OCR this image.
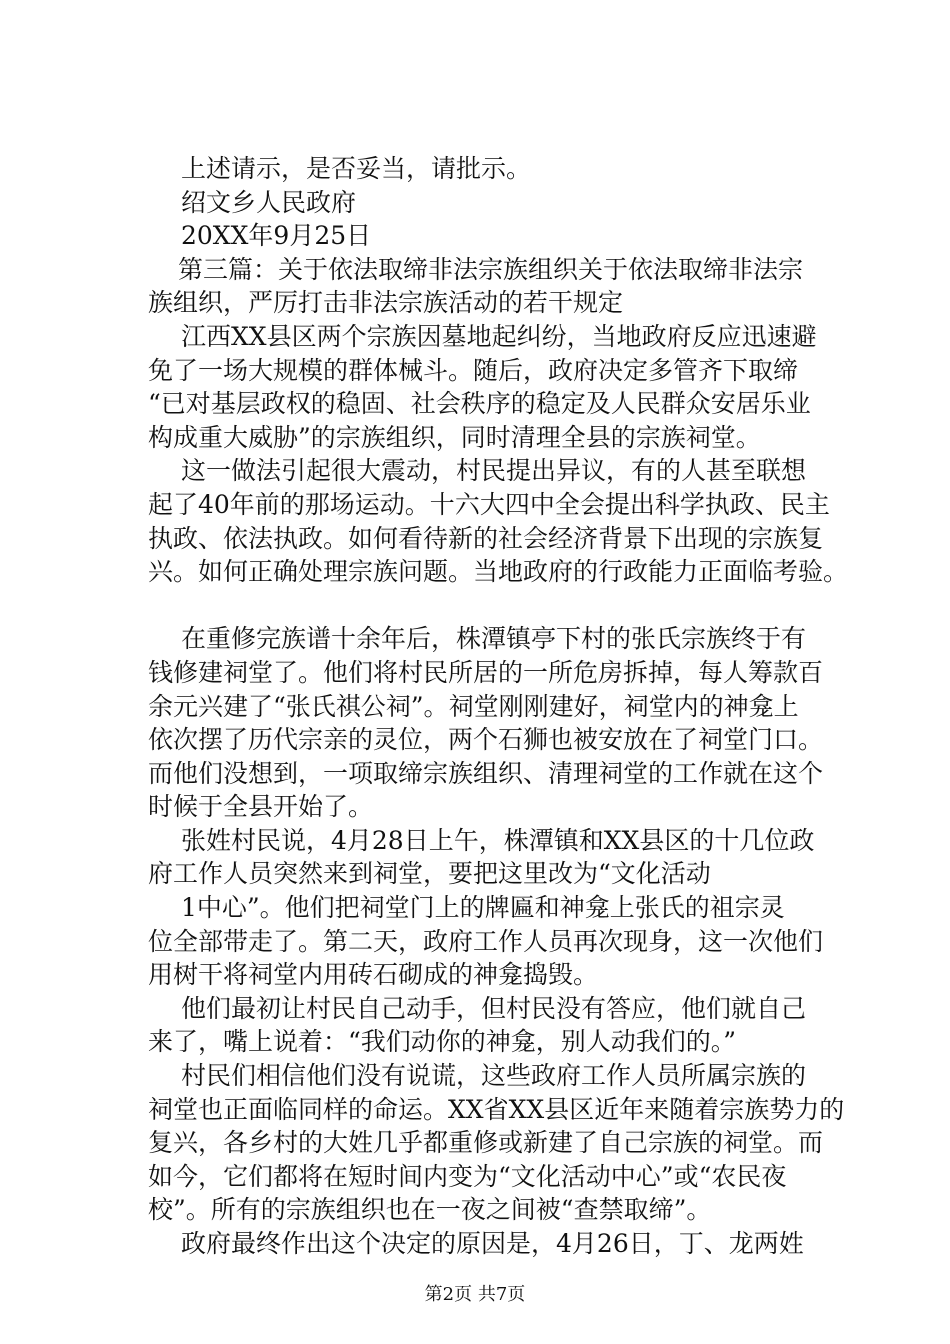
上述请示，是否妥当，请批示。
绍文乡人民政府
20XX年9月25日
第三篇：关于依法取缔非法宗族组织关于依法取缔非法宗
族组织，严厉打击非法宗族活动的若干规定
江西XX县区两个宗族因墓地起纠纷，当地政府反应迅速避
免了一场大规模的群体械斗。随后，政府决定多管齐下取缔
“已对基层政权的稳固、社会秩序的稳定及人民群众安居乐业
构成重大威胁”的宗族组织，同时清理全县的宗族祠堂。
这一做法引起很大震动，村民提出异议，有的人甚至联想
起了40年前的那场运动。十六大四中全会提出科学执政、民主
执政、依法执政。如何看待新的社会经济背景下出现的宗族复
兴。如何正确处理宗族问题。当地政府的行政能力正面临考验。
在重修完族谱十余年后，株潭镇亭下村的张氏宗族终于有
钱修建祠堂了。他们将村民所居的一所危房拆掉，每人筹款百
余元兴建了“张氏祺公祠”。祠堂刚刚建好，祠堂内的神龛上
依次摆了历代宗亲的灵位，两个石狮也被安放在了祠堂门口。
而他们没想到，一项取缔宗族组织、清理祠堂的工作就在这个
时候于全县开始了。
张姓村民说，4月28日上午，株潭镇和XX县区的十几位政
府工作人员突然来到祠堂，要把这里改为“文化活动
1中心”。他们把祠堂门上的牌匾和神龛上张氏的祖宗灵
位全部带走了。第二天，政府工作人员再次现身，这一次他们
用树干将祠堂内用砖石砌成的神龛捣毁。
他们最初让村民自己动手，但村民没有答应，他们就自己
来了，嘴上说着：“我们动你的神龛，别人动我们的。”
村民们相信他们没有说谎，这些政府工作人员所属宗族的
祠堂也正面临同样的命运。XX省XX县区近年来随着宗族势力的
复兴，各乡村的大姓几乎都重修或新建了自己宗族的祠堂。而
如今，它们都将在短时间内变为“文化活动中心”或“农民夜
校”。所有的宗族组织也在一夜之间被“查禁取缔”。
政府最终作出这个决定的原因是，4月26日，丁、龙两姓
第2页 共7页
